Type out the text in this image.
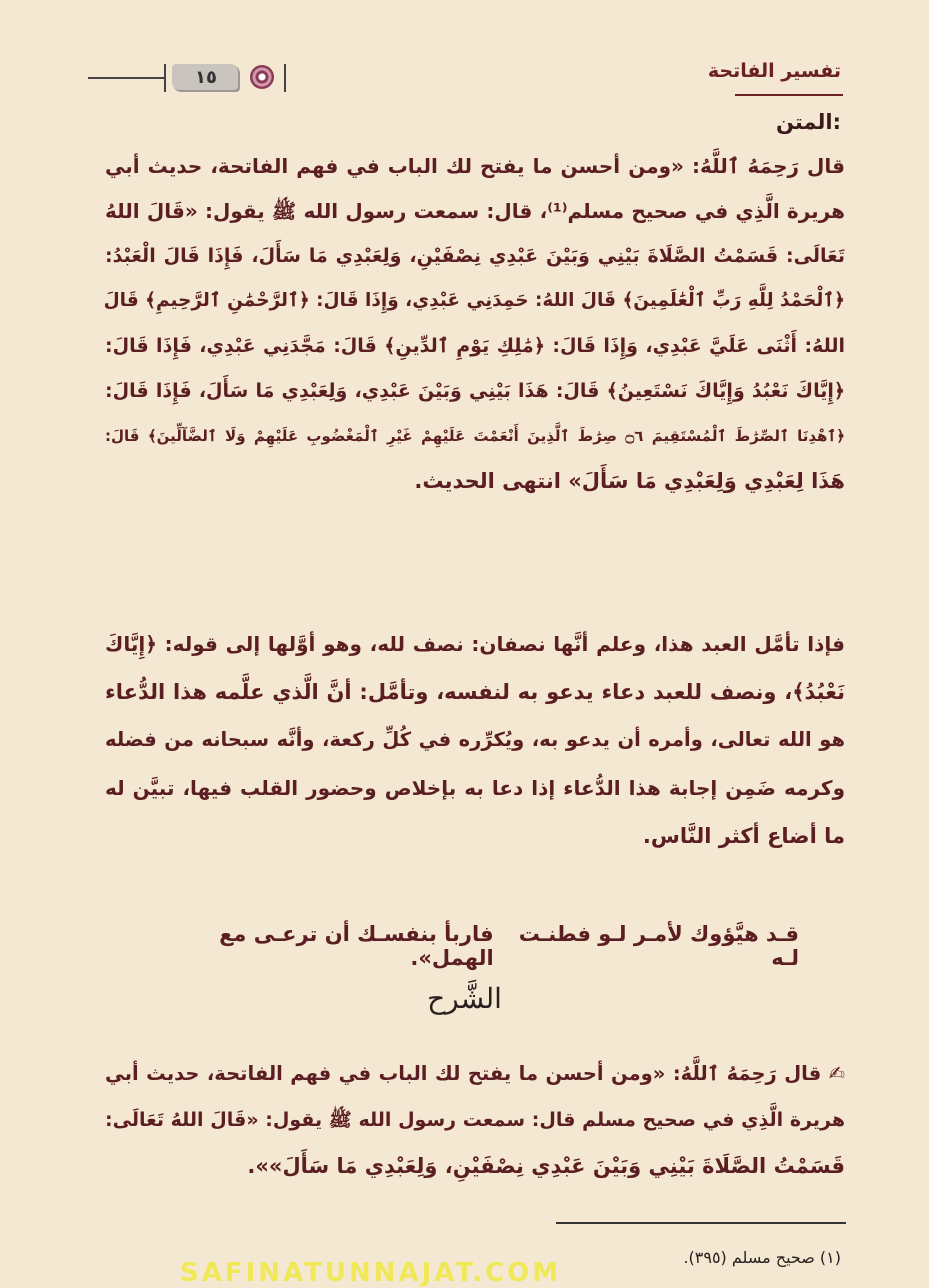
تفسير الفاتحة
١٥
المتن:
قال رَحِمَهُ ٱللَّهُ: «ومن أحسن ما يفتح لك الباب في فهم الفاتحة، حديث أبي
هريرة الَّذِي في صحيح مسلم⁽¹⁾، قال: سمعت رسول الله ﷺ يقول: «قَالَ اللهُ
تَعَالَى: قَسَمْتُ الصَّلَاةَ بَيْنِي وَبَيْنَ عَبْدِي نِصْفَيْنِ، وَلِعَبْدِي مَا سَأَلَ، فَإِذَا قَالَ الْعَبْدُ:
﴿ٱلْحَمْدُ لِلَّهِ رَبِّ ٱلْعَٰلَمِينَ﴾ قَالَ اللهُ: حَمِدَنِي عَبْدِي، وَإِذَا قَالَ: ﴿ٱلرَّحْمَٰنِ ٱلرَّحِيمِ﴾ قَالَ
اللهُ: أَثْنَى عَلَيَّ عَبْدِي، وَإِذَا قَالَ: ﴿مَٰلِكِ يَوْمِ ٱلدِّينِ﴾ قَالَ: مَجَّدَنِي عَبْدِي، فَإِذَا قَالَ:
﴿إِيَّاكَ نَعْبُدُ وَإِيَّاكَ نَسْتَعِينُ﴾ قَالَ: هَذَا بَيْنِي وَبَيْنَ عَبْدِي، وَلِعَبْدِي مَا سَأَلَ، فَإِذَا قَالَ:
﴿ٱهْدِنَا ٱلصِّرَٰطَ ٱلْمُسْتَقِيمَ ۝٦ صِرَٰطَ ٱلَّذِينَ أَنْعَمْتَ عَلَيْهِمْ غَيْرِ ٱلْمَغْضُوبِ عَلَيْهِمْ وَلَا ٱلضَّآلِّينَ﴾ قَالَ:
هَذَا لِعَبْدِي وَلِعَبْدِي مَا سَأَلَ» انتهى الحديث.
فإذا تأمَّل العبد هذا، وعلم أنَّها نصفان: نصف لله، وهو أوَّلها إلى قوله: ﴿إِيَّاكَ
نَعْبُدُ﴾، ونصف للعبد دعاء يدعو به لنفسه، وتأمَّل: أنَّ الَّذي علَّمه هذا الدُّعاء
هو الله تعالى، وأمره أن يدعو به، ويُكرِّره في كُلِّ ركعة، وأنَّه سبحانه من فضله
وكرمه ضَمِن إجابة هذا الدُّعاء إذا دعا به بإخلاص وحضور القلب فيها، تبيَّن له
ما أضاع أكثر النَّاس.
قـد هيَّؤوك لأمـر لـو فطنـت لـه
فاربأ بنفسـك أن ترعـى مع الهمل».
الشَّرح
✍ قال رَحِمَهُ ٱللَّهُ: «ومن أحسن ما يفتح لك الباب في فهم الفاتحة، حديث أبي
هريرة الَّذِي في صحيح مسلم قال: سمعت رسول الله ﷺ يقول: «قَالَ اللهُ تَعَالَى:
قَسَمْتُ الصَّلَاةَ بَيْنِي وَبَيْنَ عَبْدِي نِصْفَيْنِ، وَلِعَبْدِي مَا سَأَلَ»».
(١) صحيح مسلم (٣٩٥).
SAFINATUNNAJAT.COM
